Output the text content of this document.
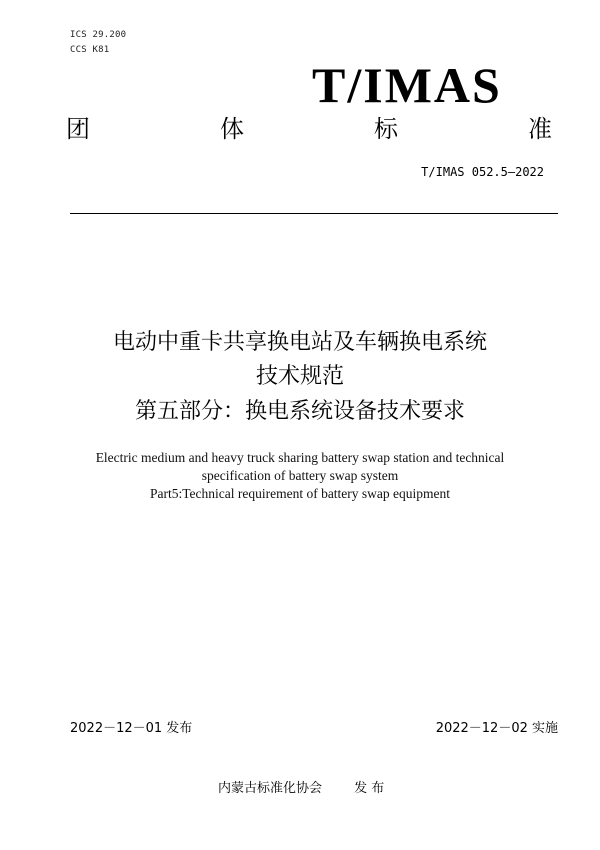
ICS 29.200
CCS K81
T/IMAS
团	体	标	准
T/IMAS 052.5—2022
电动中重卡共享换电站及车辆换电系统
技术规范
第五部分：换电系统设备技术要求
Electric medium and heavy truck sharing battery swap station and technical
specification of battery swap system
Part5:Technical requirement of battery swap equipment
2022－12－01 发布	2022－12－02 实施
内蒙古标准化协会 发 布
